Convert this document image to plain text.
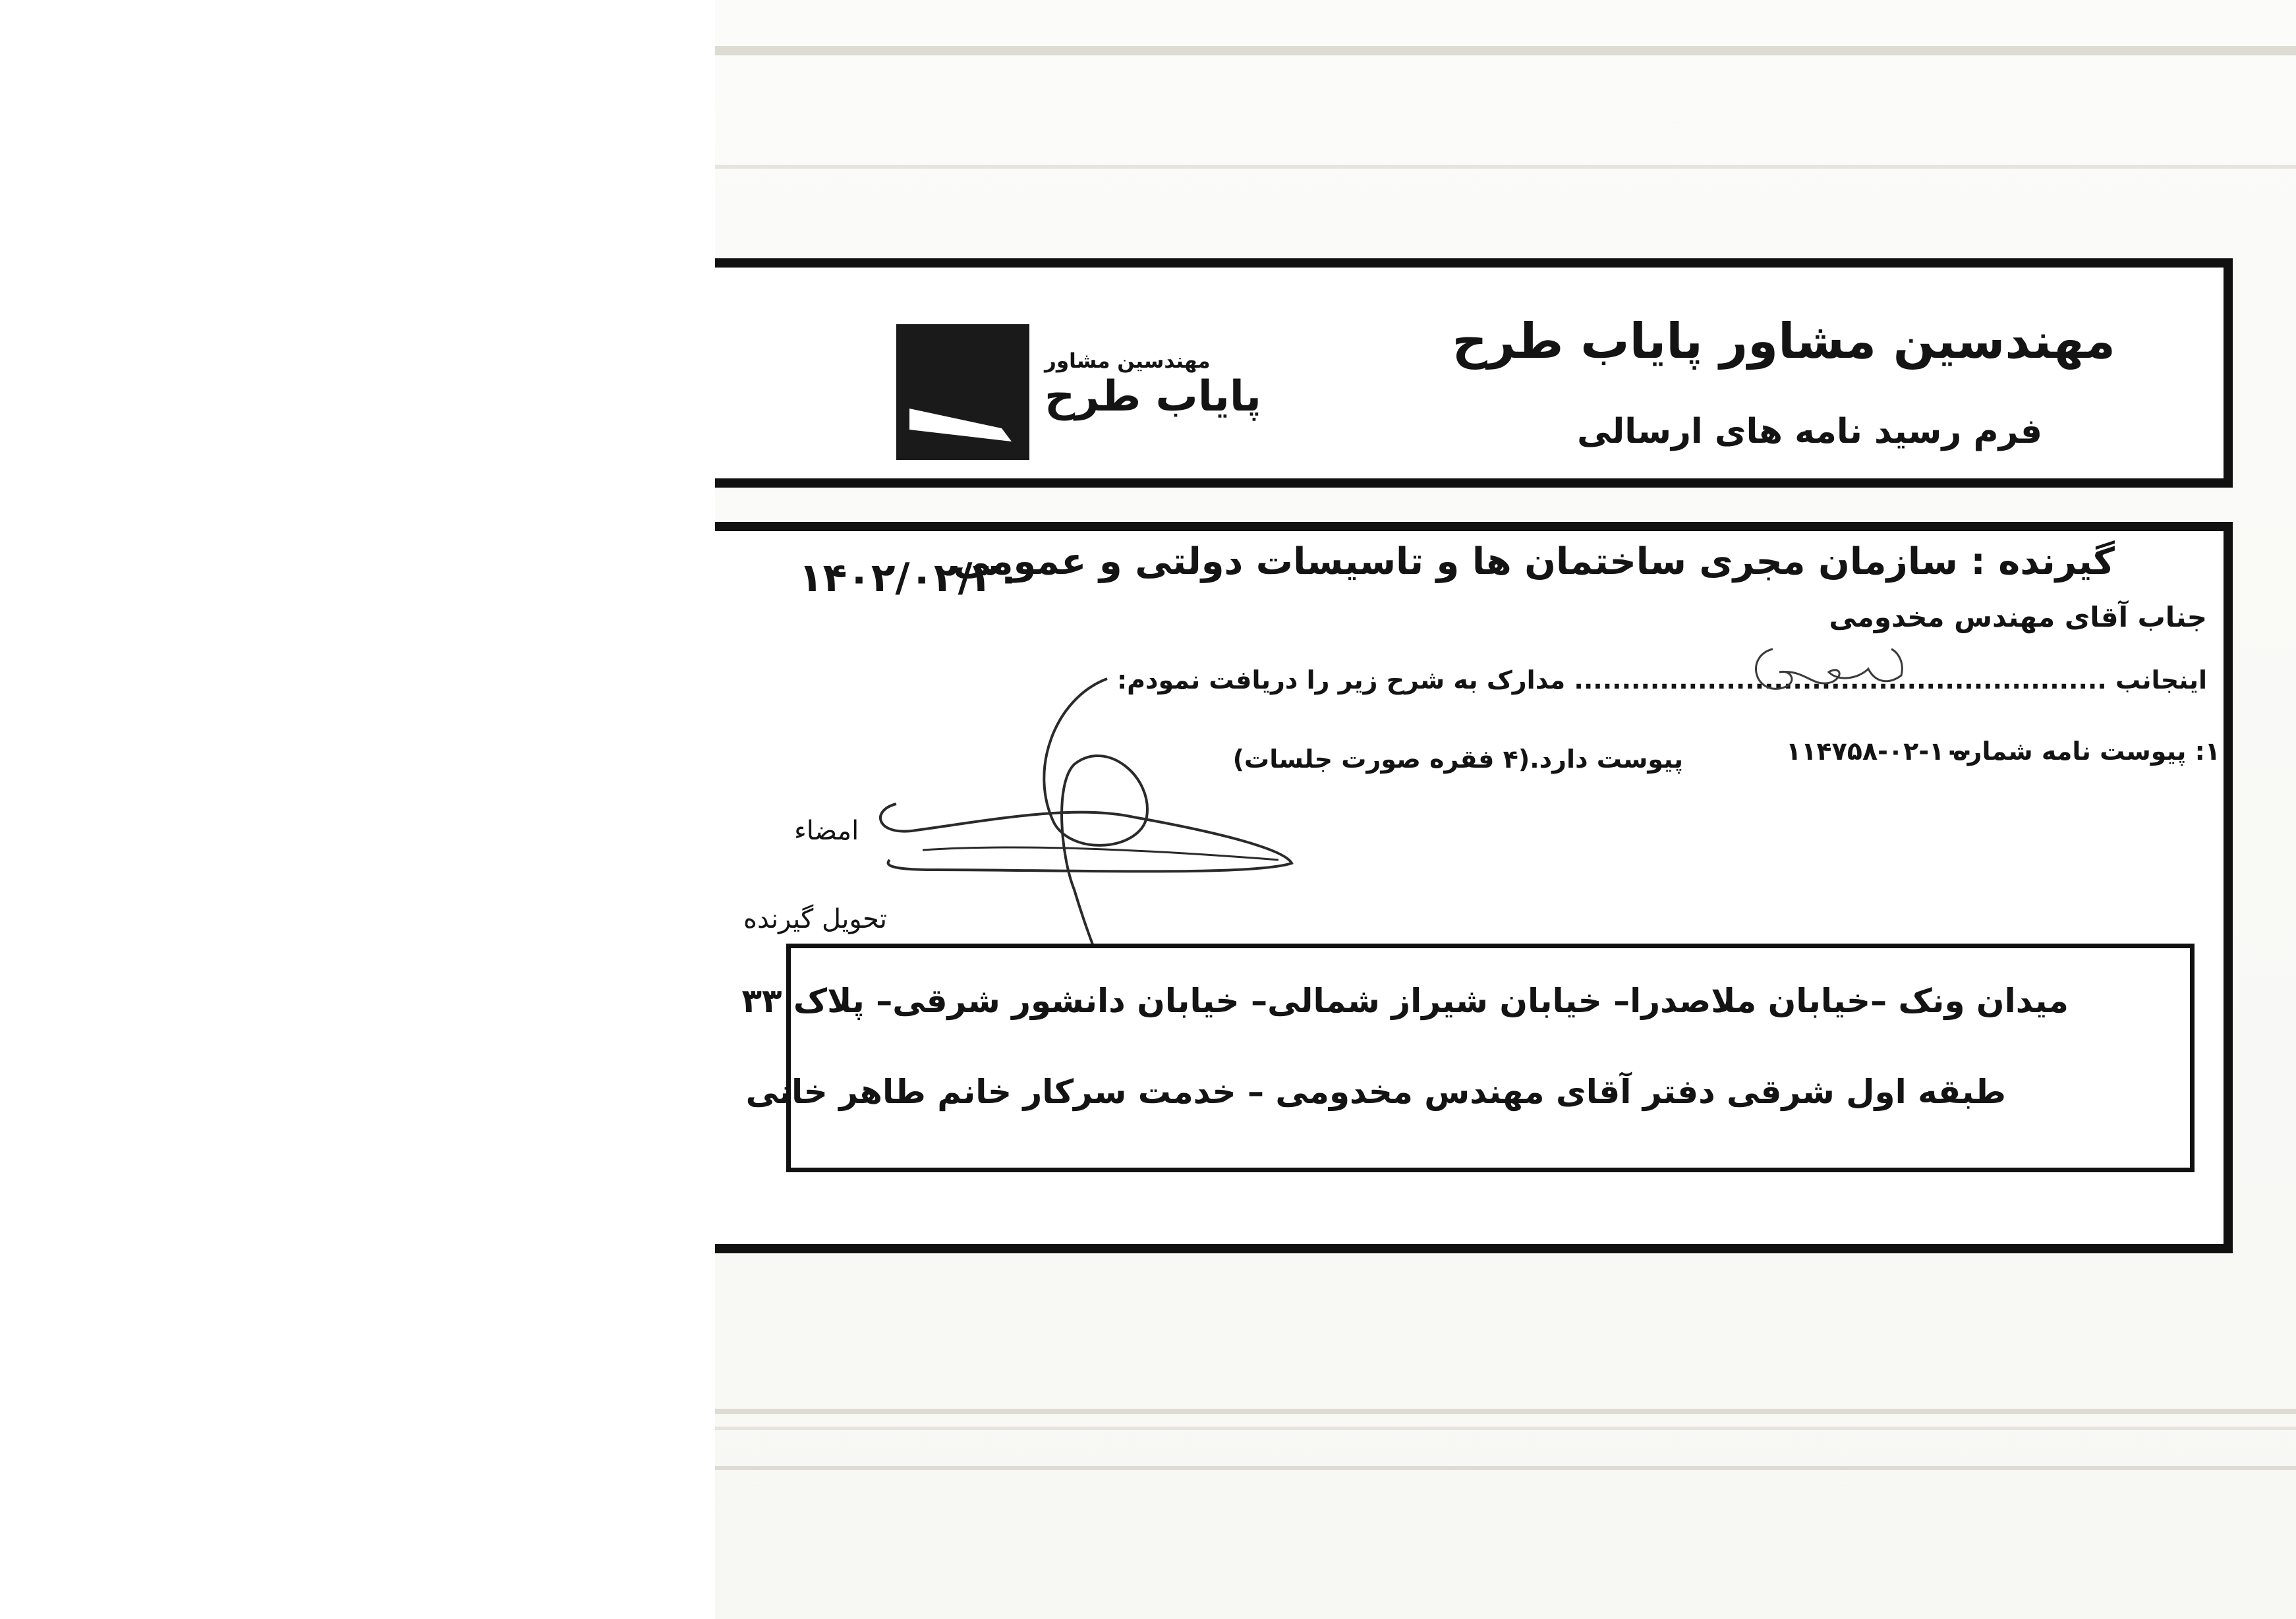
مهندسین مشاور
پایاب طرح
مهندسین مشاور پایاب طرح
فرم رسید نامه های ارسالی
گیرنده : سازمان مجری ساختمان ها و تاسیسات دولتی و عمومی
۱۴۰۲/۰۲/۳۰
جناب آقای مهندس مخدومی
اینجانب ........................................................ مدارک به شرح زیر را دریافت نمودم:
۱: پیوست نامه شماره
۱۱۴۷۵۸-۰۲-۱۰۰
پیوست دارد.(۴ فقره صورت جلسات)
امضاء
تحویل گیرنده
میدان ونک –خیابان ملاصدرا– خیابان شیراز شمالی– خیابان دانشور شرقی– پلاک ۳۳
طبقه اول شرقی دفتر آقای مهندس مخدومی – خدمت سرکار خانم طاهر خانی
